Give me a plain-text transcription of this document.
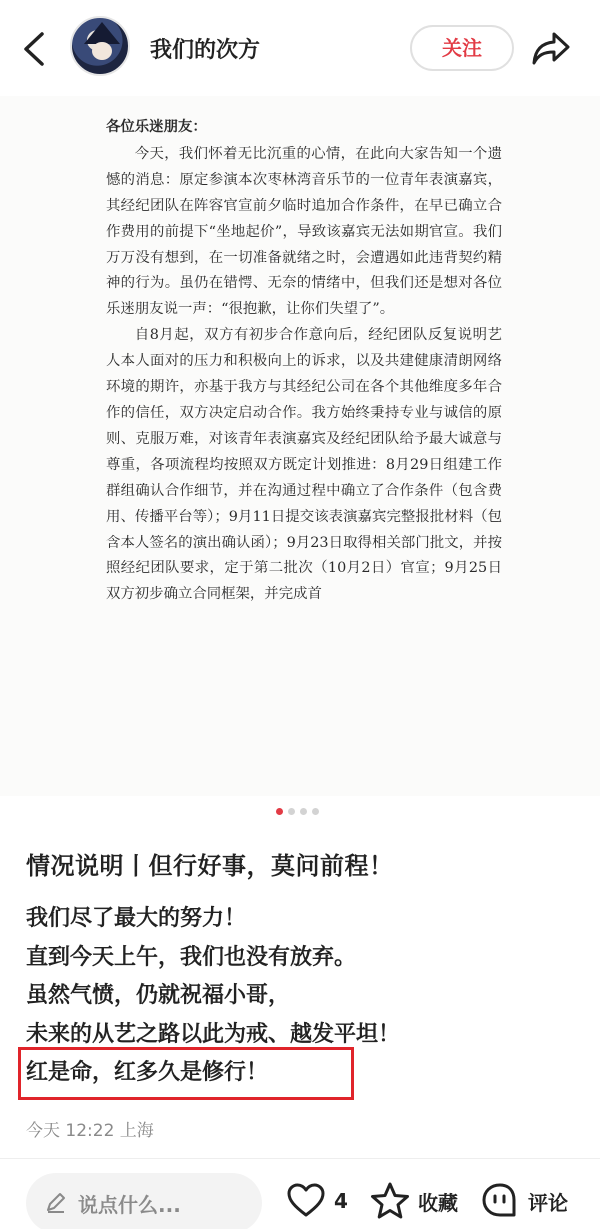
我们的次方	关注

各位乐迷朋友：

今天，我们怀着无比沉重的心情，在此向大家告知一个遗憾的消息：原定参演本次枣林湾音乐节的一位青年表演嘉宾，其经纪团队在阵容官宣前夕临时追加合作条件，在早已确立合作费用的前提下“坐地起价”，导致该嘉宾无法如期官宣。我们万万没有想到，在一切准备就绪之时，会遭遇如此违背契约精神的行为。虽仍在错愕、无奈的情绪中，但我们还是想对各位乐迷朋友说一声：“很抱歉，让你们失望了”。

自8月起，双方有初步合作意向后，经纪团队反复说明艺人本人面对的压力和积极向上的诉求，以及共建健康清朗网络环境的期许，亦基于我方与其经纪公司在各个其他维度多年合作的信任，双方决定启动合作。我方始终秉持专业与诚信的原则、克服万难，对该青年表演嘉宾及经纪团队给予最大诚意与尊重，各项流程均按照双方既定计划推进：8月29日组建工作群组确认合作细节，并在沟通过程中确立了合作条件（包含费用、传播平台等）；9月11日提交该表演嘉宾完整报批材料（包含本人签名的演出确认函）；9月23日取得相关部门批文，并按照经纪团队要求，定于第二批次（10月2日）官宣；9月25日双方初步确立合同框架，并完成首

情况说明丨但行好事，莫问前程！
我们尽了最大的努力！
直到今天上午，我们也没有放弃。
虽然气愤，仍就祝福小哥，
未来的从艺之路以此为戒、越发平坦！
红是命，红多久是修行！
今天 12:22 上海
说点什么...	4	收藏	评论
